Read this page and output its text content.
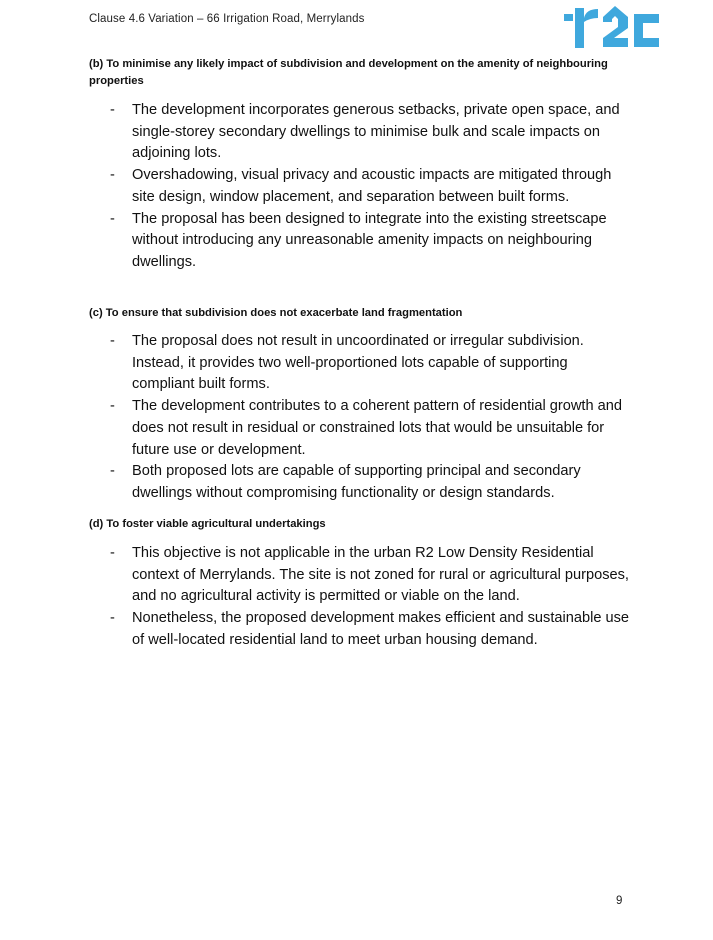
Clause 4.6 Variation – 66 Irrigation Road, Merrylands
(b) To minimise any likely impact of subdivision and development on the amenity of neighbouring properties
- The development incorporates generous setbacks, private open space, and single-storey secondary dwellings to minimise bulk and scale impacts on adjoining lots.
- Overshadowing, visual privacy and acoustic impacts are mitigated through site design, window placement, and separation between built forms.
- The proposal has been designed to integrate into the existing streetscape without introducing any unreasonable amenity impacts on neighbouring dwellings.
(c) To ensure that subdivision does not exacerbate land fragmentation
- The proposal does not result in uncoordinated or irregular subdivision. Instead, it provides two well-proportioned lots capable of supporting compliant built forms.
- The development contributes to a coherent pattern of residential growth and does not result in residual or constrained lots that would be unsuitable for future use or development.
- Both proposed lots are capable of supporting principal and secondary dwellings without compromising functionality or design standards.
(d) To foster viable agricultural undertakings
- This objective is not applicable in the urban R2 Low Density Residential context of Merrylands. The site is not zoned for rural or agricultural purposes, and no agricultural activity is permitted or viable on the land.
- Nonetheless, the proposed development makes efficient and sustainable use of well-located residential land to meet urban housing demand.
9
